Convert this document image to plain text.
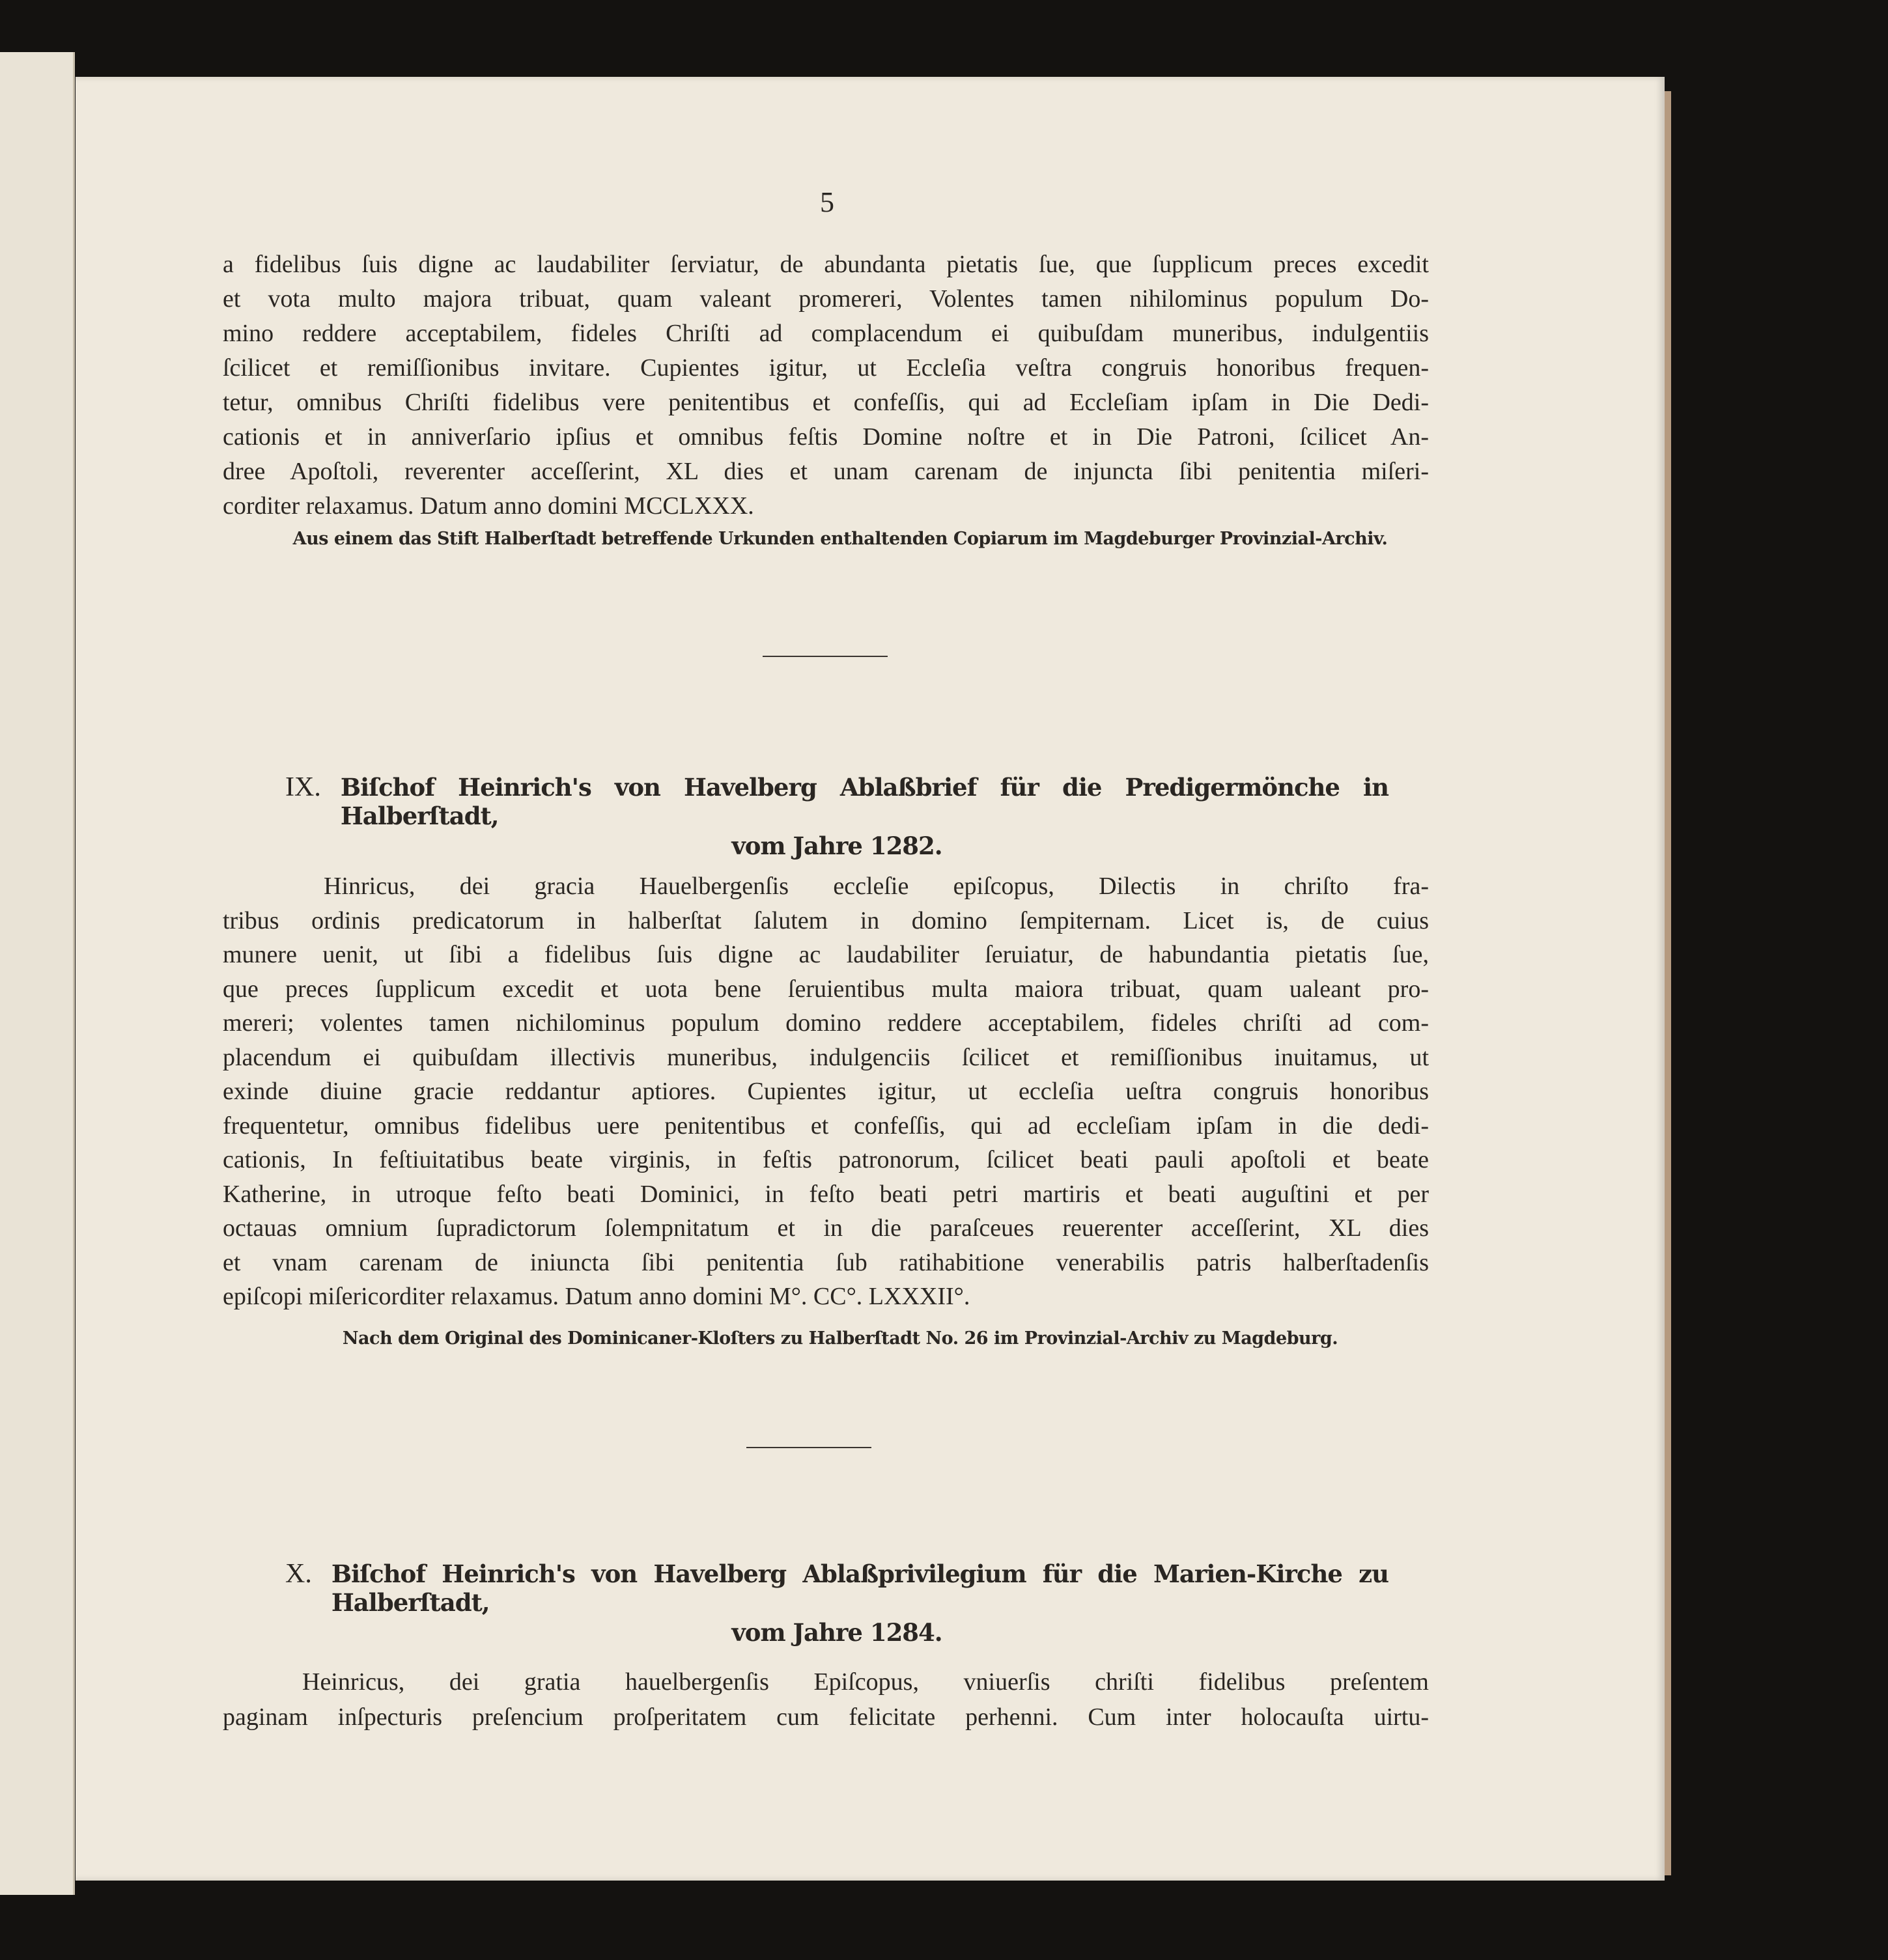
5
a fidelibus ſuis digne ac laudabiliter ſerviatur, de abundanta pietatis ſue, que ſupplicum preces excedit
et vota multo majora tribuat, quam valeant promereri, Volentes tamen nihilominus populum Do-
mino reddere acceptabilem, fideles Chriſti ad complacendum ei quibuſdam muneribus, indulgentiis
ſcilicet et remiſſionibus invitare. Cupientes igitur, ut Eccleſia veſtra congruis honoribus frequen-
tetur, omnibus Chriſti fidelibus vere penitentibus et confeſſis, qui ad Eccleſiam ipſam in Die Dedi-
cationis et in anniverſario ipſius et omnibus feſtis Domine noſtre et in Die Patroni, ſcilicet An-
dree Apoſtoli, reverenter acceſſerint, XL dies et unam carenam de injuncta ſibi penitentia miſeri-
corditer relaxamus. Datum anno domini MCCLXXX.
Aus einem das Stift Halberſtadt betreffende Urkunden enthaltenden Copiarum im Magdeburger Provinzial-Archiv.
IX. Biſchof Heinrich's von Havelberg Ablaßbrief für die Predigermönche in Halberſtadt,
vom Jahre 1282.
Hinricus, dei gracia Hauelbergenſis eccleſie epiſcopus, Dilectis in chriſto fra-
tribus ordinis predicatorum in halberſtat ſalutem in domino ſempiternam. Licet is, de cuius
munere uenit, ut ſibi a fidelibus ſuis digne ac laudabiliter ſeruiatur, de habundantia pietatis ſue,
que preces ſupplicum excedit et uota bene ſeruientibus multa maiora tribuat, quam ualeant pro-
mereri; volentes tamen nichilominus populum domino reddere acceptabilem, fideles chriſti ad com-
placendum ei quibuſdam illectivis muneribus, indulgenciis ſcilicet et remiſſionibus inuitamus, ut
exinde diuine gracie reddantur aptiores. Cupientes igitur, ut eccleſia ueſtra congruis honoribus
frequentetur, omnibus fidelibus uere penitentibus et confeſſis, qui ad eccleſiam ipſam in die dedi-
cationis, In feſtiuitatibus beate virginis, in feſtis patronorum, ſcilicet beati pauli apoſtoli et beate
Katherine, in utroque feſto beati Dominici, in feſto beati petri martiris et beati auguſtini et per
octauas omnium ſupradictorum ſolempnitatum et in die paraſceues reuerenter acceſſerint, XL dies
et vnam carenam de iniuncta ſibi penitentia ſub ratihabitione venerabilis patris halberſtadenſis
epiſcopi miſericorditer relaxamus. Datum anno domini M°. CC°. LXXXII°.
Nach dem Original des Dominicaner-Kloſters zu Halberſtadt No. 26 im Provinzial-Archiv zu Magdeburg.
X. Biſchof Heinrich's von Havelberg Ablaßprivilegium für die Marien-Kirche zu Halberſtadt,
vom Jahre 1284.
Heinricus, dei gratia hauelbergenſis Epiſcopus, vniuerſis chriſti fidelibus preſentem
paginam inſpecturis preſencium proſperitatem cum felicitate perhenni. Cum inter holocauſta uirtu-
